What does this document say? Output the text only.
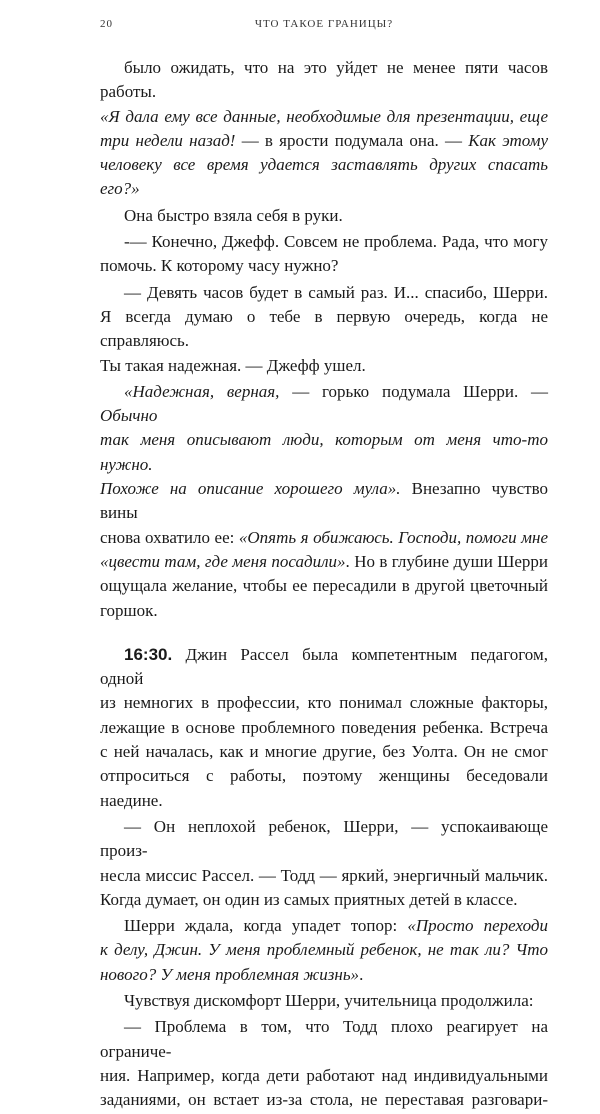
20	ЧТО ТАКОЕ ГРАНИЦЫ?
было ожидать, что на это уйдет не менее пяти часов работы.
«Я дала ему все данные, необходимые для презентации, еще
три недели назад! — в ярости подумала она. — Как этому
человеку все время удается заставлять других спасать его?»
Она быстро взяла себя в руки.
-— Конечно, Джефф. Совсем не проблема. Рада, что могу
помочь. К которому часу нужно?
— Девять часов будет в самый раз. И... спасибо, Шерри.
Я всегда думаю о тебе в первую очередь, когда не справляюсь.
Ты такая надежная. — Джефф ушел.
«Надежная, верная, — горько подумала Шерри. — Обычно
так меня описывают люди, которым от меня что-то нужно.
Похоже на описание хорошего мула». Внезапно чувство вины
снова охватило ее: «Опять я обижаюсь. Господи, помоги мне
«цвести там, где меня посадили». Но в глубине души Шерри
ощущала желание, чтобы ее пересадили в другой цветочный
горшок.
16:30. Джин Рассел была компетентным педагогом, одной
из немногих в профессии, кто понимал сложные факторы,
лежащие в основе проблемного поведения ребенка. Встреча
с ней началась, как и многие другие, без Уолта. Он не смог
отпроситься с работы, поэтому женщины беседовали наедине.
— Он неплохой ребенок, Шерри, — успокаивающе произ-
несла миссис Рассел. — Тодд — яркий, энергичный мальчик.
Когда думает, он один из самых приятных детей в классе.
Шерри ждала, когда упадет топор: «Просто переходи
к делу, Джин. У меня проблемный ребенок, не так ли? Что
нового? У меня проблемная жизнь».
Чувствуя дискомфорт Шерри, учительница продолжила:
— Проблема в том, что Тодд плохо реагирует на ограниче-
ния. Например, когда дети работают над индивидуальными
заданиями, он встает из-за стола, не переставая разговари-
